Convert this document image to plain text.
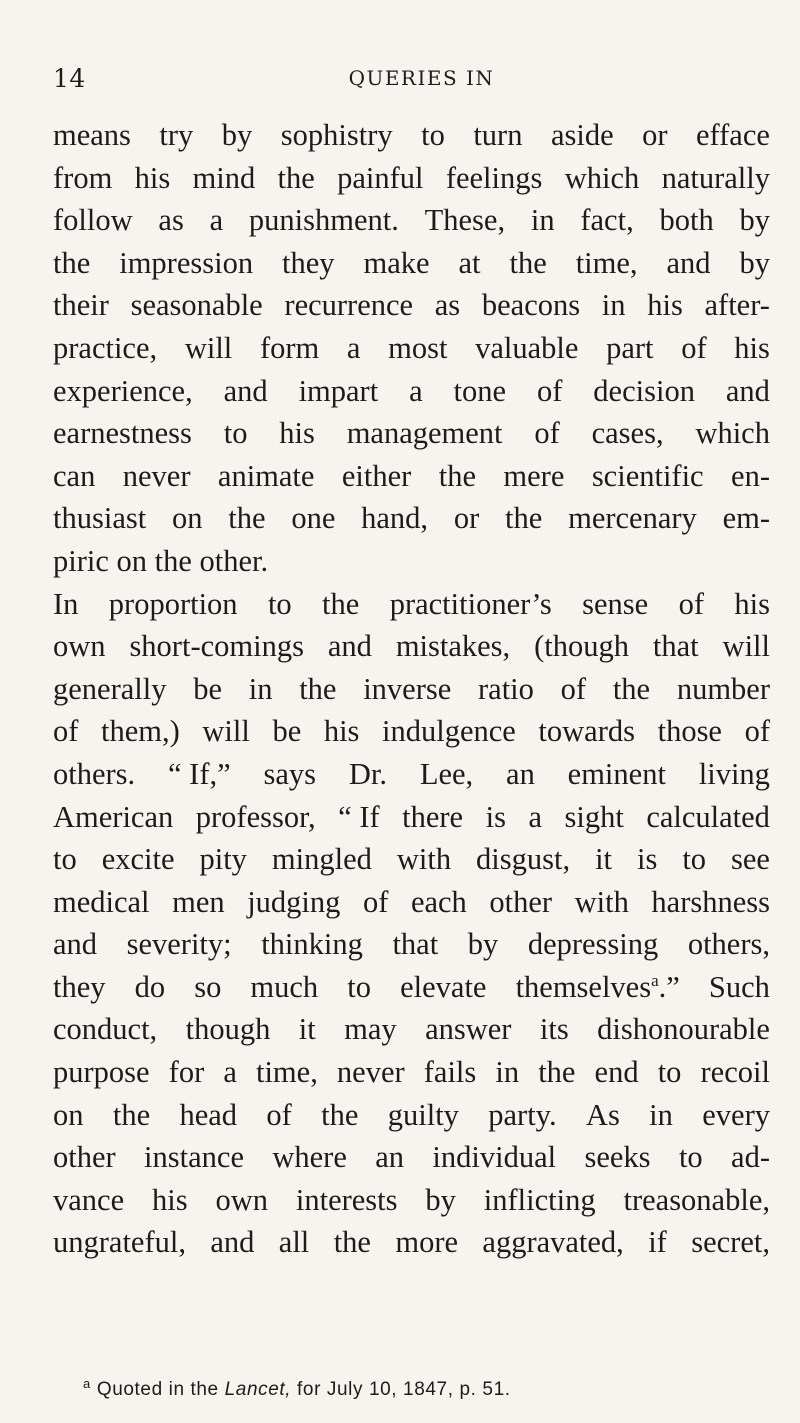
14	QUERIES IN
means try by sophistry to turn aside or efface
from his mind the painful feelings which naturally
follow as a punishment. These, in fact, both by
the impression they make at the time, and by
their seasonable recurrence as beacons in his after-
practice, will form a most valuable part of his
experience, and impart a tone of decision and
earnestness to his management of cases, which
can never animate either the mere scientific en-
thusiast on the one hand, or the mercenary em-
piric on the other.
In proportion to the practitioner’s sense of his
own short-comings and mistakes, (though that will
generally be in the inverse ratio of the number
of them,) will be his indulgence towards those of
others. “ If,” says Dr. Lee, an eminent living
American professor, “ If there is a sight calculated
to excite pity mingled with disgust, it is to see
medical men judging of each other with harshness
and severity; thinking that by depressing others,
they do so much to elevate themselves$^a$.” Such
conduct, though it may answer its dishonourable
purpose for a time, never fails in the end to recoil
on the head of the guilty party. As in every
other instance where an individual seeks to ad-
vance his own interests by inflicting treasonable,
ungrateful, and all the more aggravated, if secret,
$^a$ Quoted in the Lancet, for July 10, 1847, p. 51.
